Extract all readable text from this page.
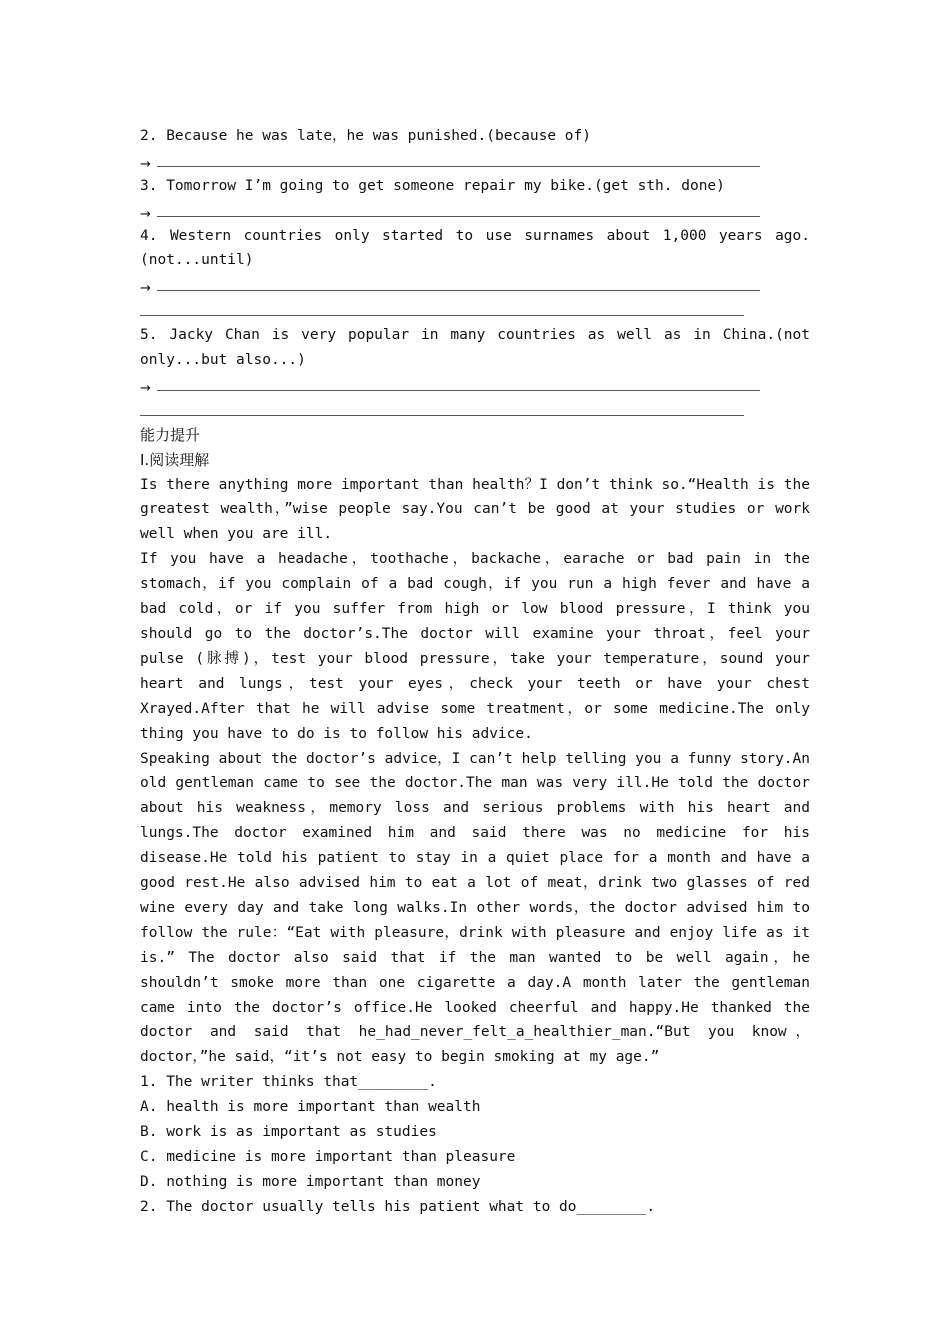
2. Because he was late，he was punished.(because of)
→
3. Tomorrow I’m going to get someone repair my bike.(get sth. done)
→
4. Western countries only started to use surnames about 1,000 years ago.(not...until)
→
5. Jacky Chan is very popular in many countries as well as in China.(not only...but also...)
→
能力提升
Ⅰ.阅读理解
Is there anything more important than health？I don’t think so.“Health is the greatest wealth，”wise people say.You can’t be good at your studies or work well when you are ill.
If you have a headache，toothache，backache，earache or bad pain in the stomach，if you complain of a bad cough，if you run a high fever and have a bad cold，or if you suffer from high or low blood pressure，I think you should go to the doctor’s.The doctor will examine your throat，feel your pulse (脉搏)，test your blood pressure，take your temperature，sound your heart and lungs，test your eyes，check your teeth or have your chest Xrayed.After that he will advise some treatment，or some medicine.The only thing you have to do is to follow his advice.
Speaking about the doctor’s advice，I can’t help telling you a funny story.An old gentleman came to see the doctor.The man was very ill.He told the doctor about his weakness，memory loss and serious problems with his heart and lungs.The doctor examined him and said there was no medicine for his disease.He told his patient to stay in a quiet place for a month and have a good rest.He also advised him to eat a lot of meat，drink two glasses of red wine every day and take long walks.In other words，the doctor advised him to follow the rule：“Eat with pleasure，drink with pleasure and enjoy life as it is.” The doctor also said that if the man wanted to be well again，he shouldn’t smoke more than one cigarette a day.A month later the gentleman came into the doctor’s office.He looked cheerful and happy.He thanked the doctor and said that he_had_never_felt_a_healthier_man.“But you know，doctor，”he said，“it’s not easy to begin smoking at my age.”
1. The writer thinks that________.
A. health is more important than wealth
B. work is as important as studies
C. medicine is more important than pleasure
D. nothing is more important than money
2. The doctor usually tells his patient what to do________.
